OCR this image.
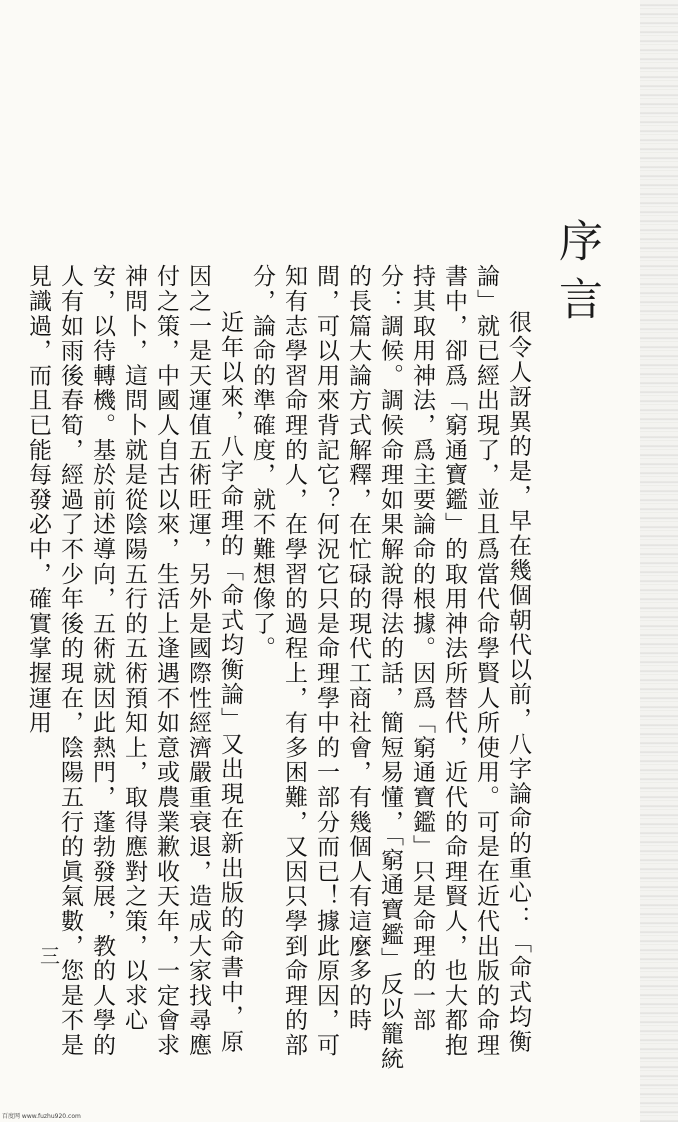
序言

很令人訝異的是，早在幾個朝代以前，八字論命的重心：「命式均衡論」就已經出現了，並且爲當代命學賢人所使用。可是在近代出版的命理書中，卻爲「窮通寶鑑」的取用神法所替代，近代的命理賢人，也大都抱持其取用神法，爲主要論命的根據。因爲「窮通寶鑑」只是命理的一部分：調候。調候命理如果解說得法的話，簡短易懂，「窮通寶鑑」反以籠統的長篇大論方式解釋，在忙碌的現代工商社會，有幾個人有這麼多的時間，可以用來背記它？何況它只是命理學中的一部分而已！據此原因，可知有志學習命理的人，在學習的過程上，有多困難，又因只學到命理的部分，論命的準確度，就不難想像了。

近年以來，八字命理的「命式均衡論」又出現在新出版的命書中，原因之一是天運值五術旺運，另外是國際性經濟嚴重衰退，造成大家找尋應付之策，中國人自古以來，生活上逢遇不如意或農業歉收天年，一定會求神問卜，這問卜就是從陰陽五行的五術預知上，取得應對之策，以求心安，以待轉機。基於前述導向，五術就因此熱門，蓬勃發展，教的人學的人有如雨後春筍，經過了不少年後的現在，陰陽五行的眞氣數，您是不是見識過，而且已能每發必中，確實掌握運用

三
百度网 www.fuzhu920.com
